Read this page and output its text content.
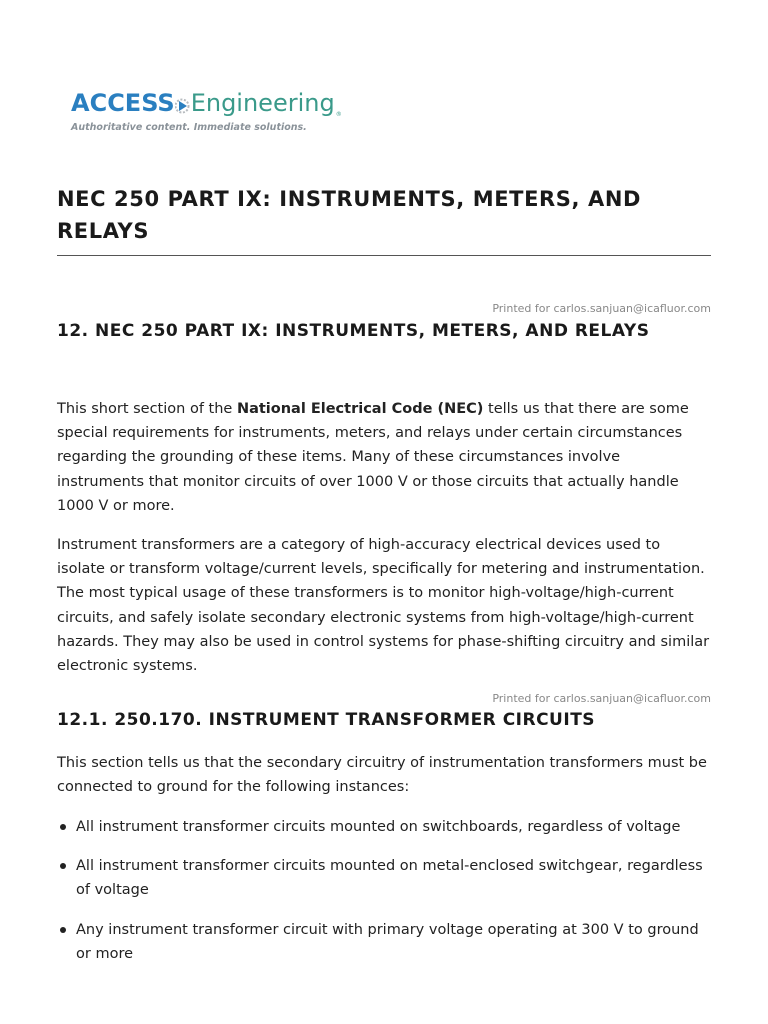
ACCESS Engineering ®
Authoritative content. Immediate solutions.
NEC 250 PART IX: INSTRUMENTS, METERS, AND RELAYS
Printed for carlos.sanjuan@icafluor.com
12. NEC 250 PART IX: INSTRUMENTS, METERS, AND RELAYS

This short section of the National Electrical Code (NEC) tells us that there are some special requirements for instruments, meters, and relays under certain circumstances regarding the grounding of these items. Many of these circumstances involve instruments that monitor circuits of over 1000 V or those circuits that actually handle 1000 V or more.

Instrument transformers are a category of high-accuracy electrical devices used to isolate or transform voltage/current levels, specifically for metering and instrumentation. The most typical usage of these transformers is to monitor high-voltage/high-current circuits, and safely isolate secondary electronic systems from high-voltage/high-current hazards. They may also be used in control systems for phase-shifting circuitry and similar electronic systems.

Printed for carlos.sanjuan@icafluor.com
12.1. 250.170. INSTRUMENT TRANSFORMER CIRCUITS

This section tells us that the secondary circuitry of instrumentation transformers must be connected to ground for the following instances:

All instrument transformer circuits mounted on switchboards, regardless of voltage
All instrument transformer circuits mounted on metal-enclosed switchgear, regardless of voltage
Any instrument transformer circuit with primary voltage operating at 300 V to ground or more
